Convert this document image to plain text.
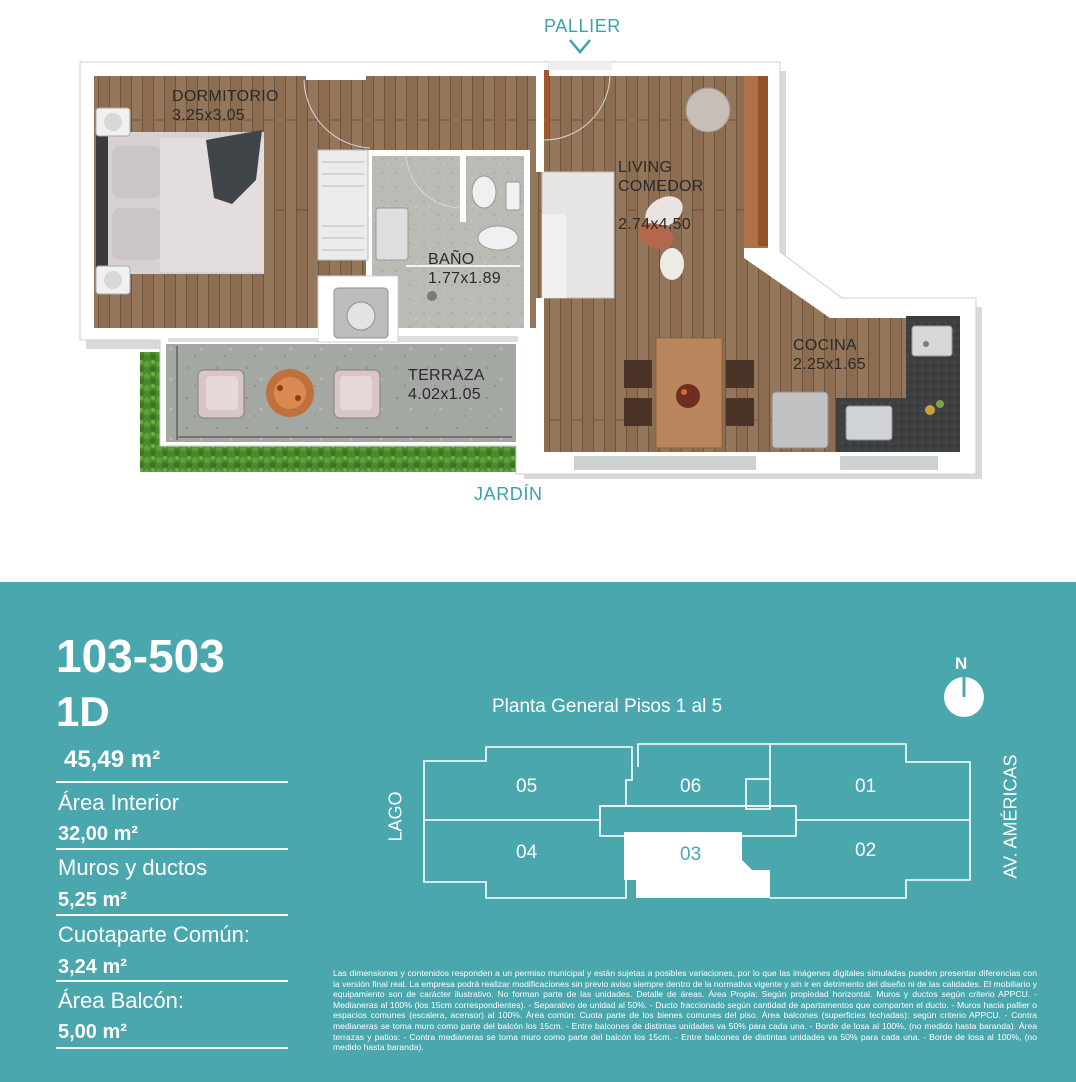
PALLIER
JARDÍN
DORMITORIO
3.25x3.05

LIVING
COMEDOR

2.74x4.50

BAÑO
1.77x1.89
TERRAZA
4.02x1.05
COCINA
2.25x1.65
103-503
1D
45,49 m²
Área Interior
32,00 m²
Muros y ductos
5,25 m²
Cuotaparte Común:
3,24 m²
Área Balcón:
5,00 m²
Planta General Pisos 1 al 5
N
LAGO	AV. AMÉRICAS
05	06	01
04	03	02
Las dimensiones y contenidos responden a un permiso municipal y están sujetas a posibles variaciones, por lo que las imágenes digitales simuladas pueden presentar diferencias con la versión final real. La empresa podrá realizar modificaciones sin previo aviso siempre dentro de la normativa vigente y sin ir en detrimento del diseño ni de las calidades. El mobiliario y equipamiento son de carácter ilustrativo. No forman parte de las unidades. Detalle de áreas. Área Propia: Según propiedad horizontal. Muros y ductos según criterio APPCU. -Medianeras al 100% (los 15cm correspondientes). - Separativo de unidad al 50%. - Ducto fraccionado según cantidad de apartamentos que comparten el ducto. - Muros hacia pallier o espacios comunes (escalera, acensor) al 100%. Área común: Cuota parte de los bienes comunes del piso. Área balcones (superficies techadas): según criterio APPCU. - Contra medianeras se toma muro como parte del balcón los 15cm. - Entre balcones de distintas unidades va 50% para cada una. - Borde de losa al 100%, (no medido hasta baranda). Área terrazas y patios: - Contra medianeras se toma muro como parte del balcón los 15cm. - Entre balcones de distintas unidades va 50% para cada una. - Borde de losa al 100%, (no medido hasta baranda).
